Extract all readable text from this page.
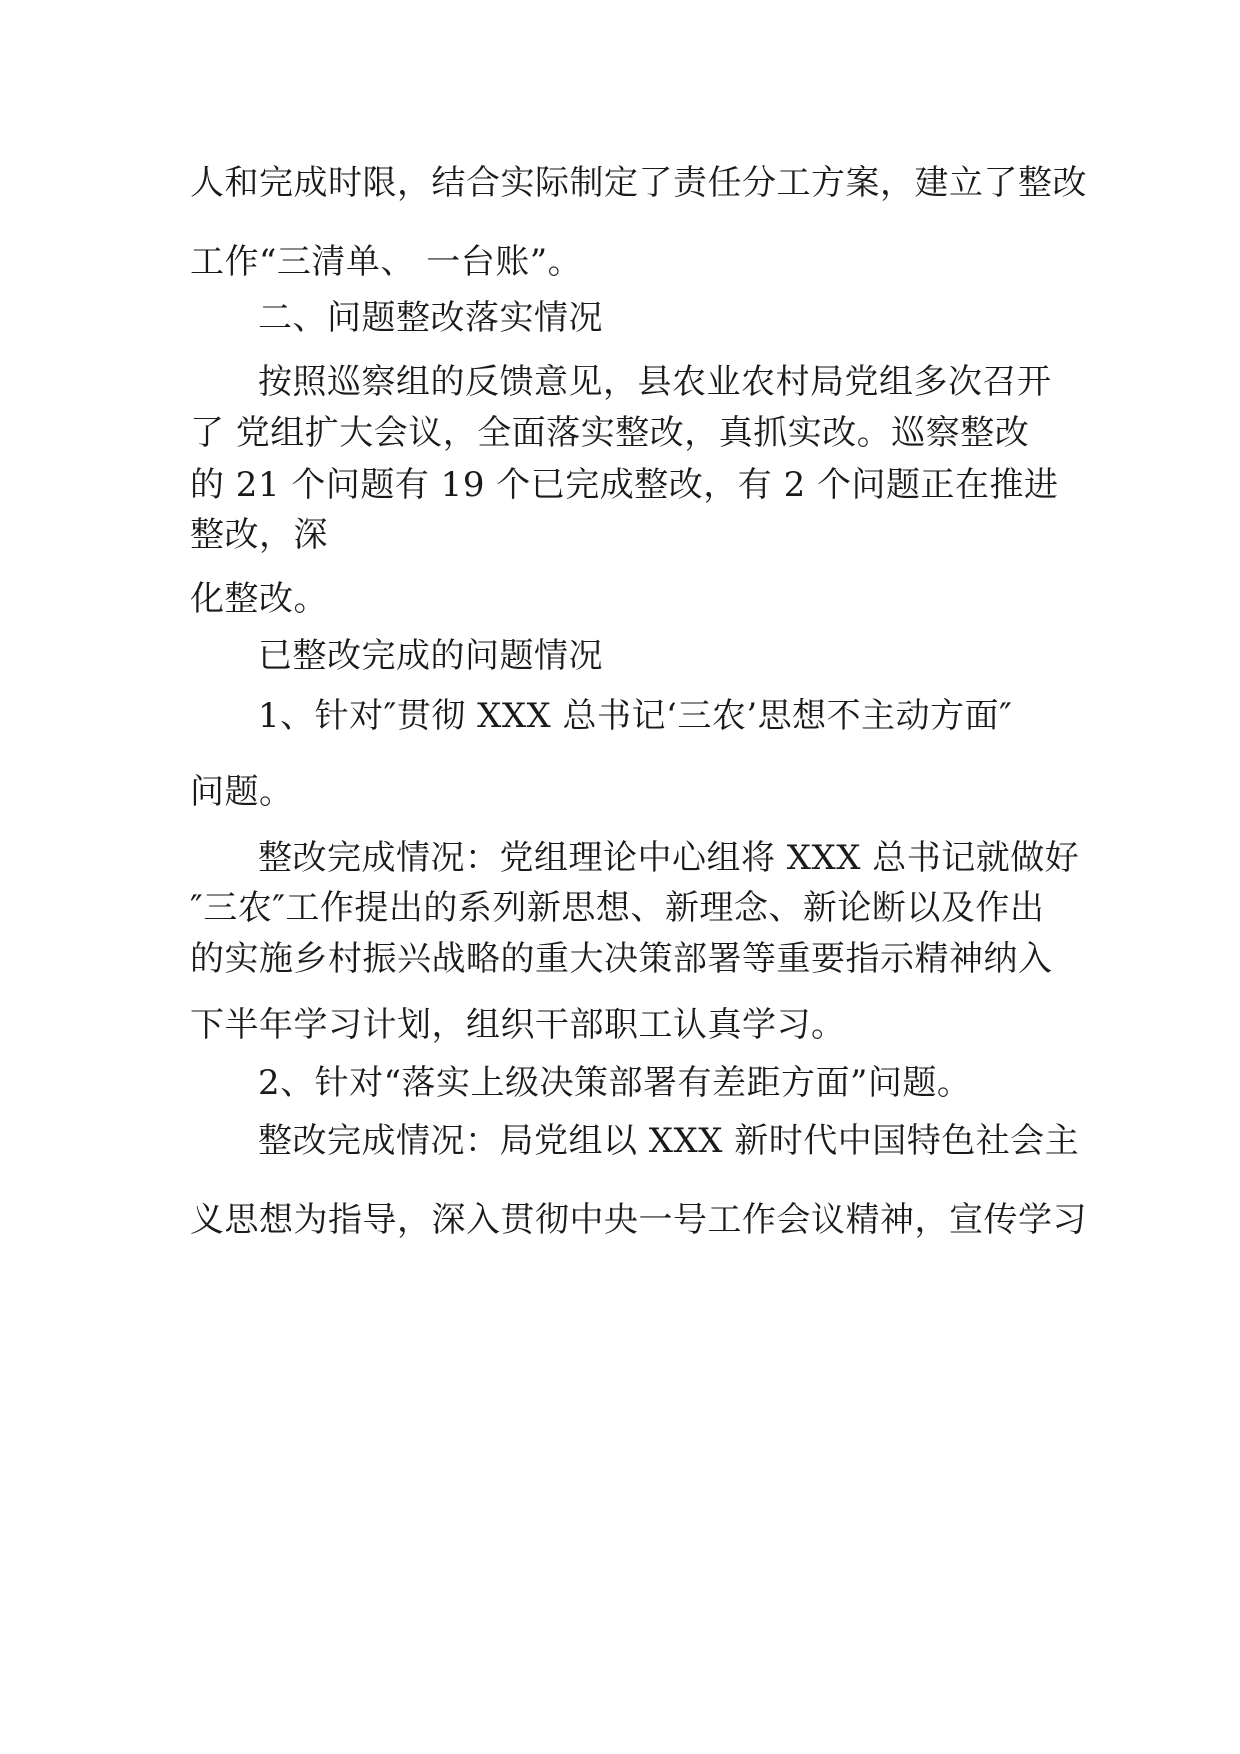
人和完成时限，结合实际制定了责任分工方案，建立了整改
工作“三清单、 一台账”。
二、问题整改落实情况
按照巡察组的反馈意见，县农业农村局党组多次召开
了 党组扩大会议，全面落实整改，真抓实改。巡察整改
的 21 个问题有 19 个已完成整改，有 2 个问题正在推进
整改，深
化整改。
已整改完成的问题情况
1、针对″贯彻 XXX 总书记‘三农’思想不主动方面″
问题。
整改完成情况：党组理论中心组将 XXX 总书记就做好
″三农″工作提出的系列新思想、新理念、新论断以及作出
的实施乡村振兴战略的重大决策部署等重要指示精神纳入
下半年学习计划，组织干部职工认真学习。
2、针对“落实上级决策部署有差距方面”问题。
整改完成情况：局党组以 XXX 新时代中国特色社会主
义思想为指导，深入贯彻中央一号工作会议精神，宣传学习
